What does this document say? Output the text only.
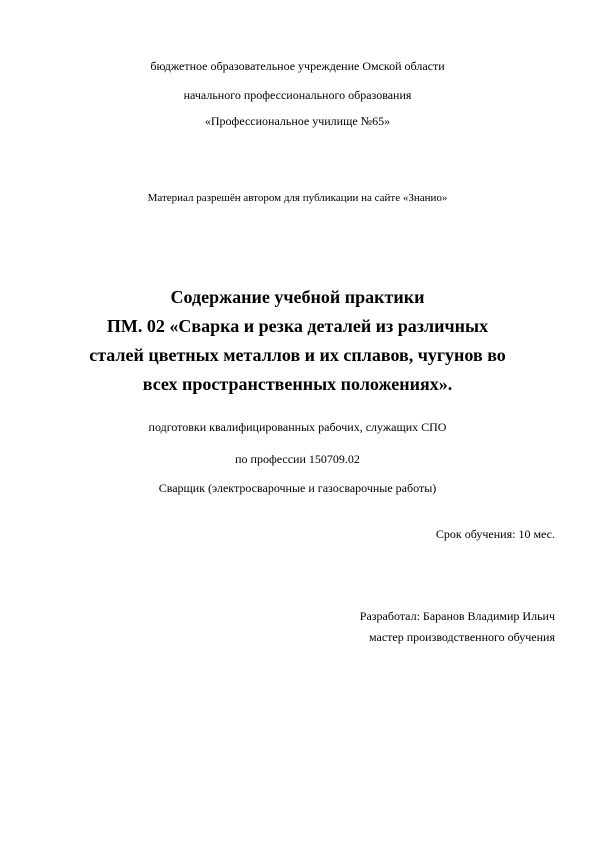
бюджетное образовательное учреждение Омской области
начального профессионального образования
«Профессиональное училище №65»
Материал разрешён автором для публикации на сайте «Знанио»
Содержание учебной практики
ПМ. 02 «Сварка и резка деталей из различных
сталей цветных металлов и их сплавов, чугунов во
всех пространственных положениях».
подготовки квалифицированных рабочих, служащих СПО
по профессии 150709.02
Сварщик (электросварочные и газосварочные работы)
Срок обучения: 10 мес.
Разработал: Баранов Владимир Ильич
мастер производственного обучения
